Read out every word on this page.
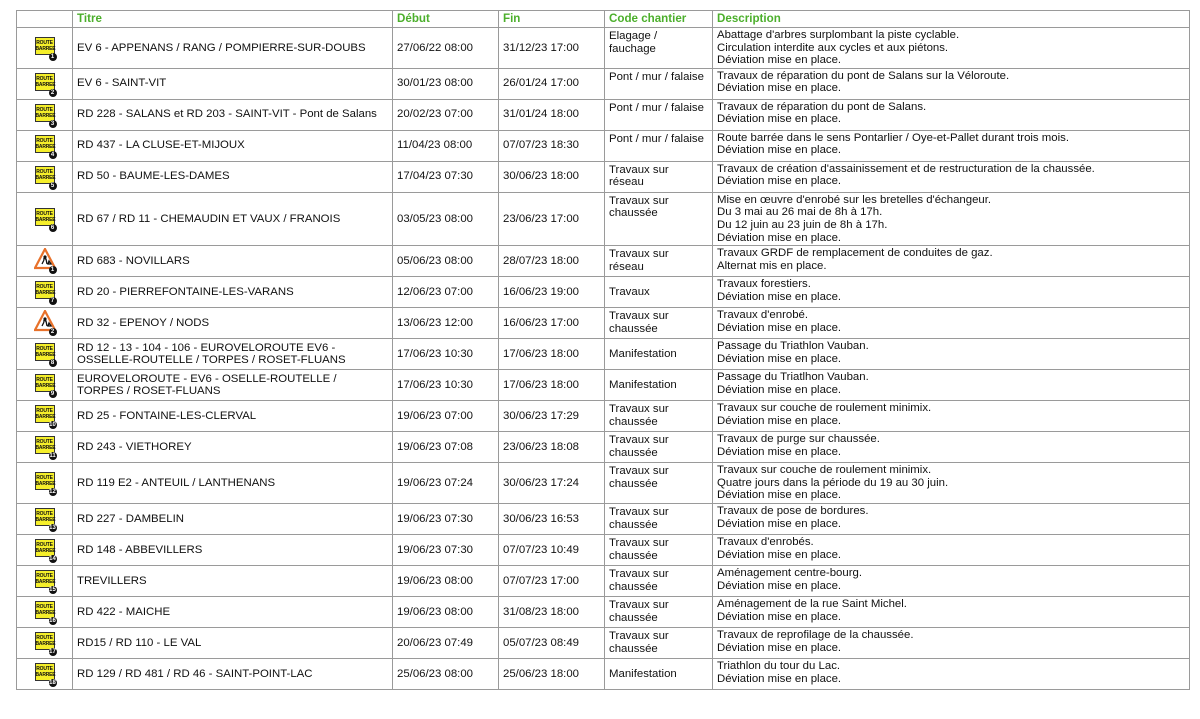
	Titre	Début	Fin	Code chantier	Description

ROUTE
BARREE
1	EV 6 - APPENANS / RANG / POMPIERRE-SUR-DOUBS	27/06/22 08:00	31/12/23 17:00	Elagage /
fauchage	Abattage d'arbres surplombant la piste cyclable.
Circulation interdite aux cycles et aux piétons.
Déviation mise en place.

ROUTE
BARREE
2	EV 6 - SAINT-VIT	30/01/23 08:00	26/01/24 17:00	Pont / mur / falaise	Travaux de réparation du pont de Salans sur la Véloroute.
Déviation mise en place.

ROUTE
BARREE
3	RD 228 - SALANS et RD 203 - SAINT-VIT - Pont de Salans	20/02/23 07:00	31/01/24 18:00	Pont / mur / falaise	Travaux de réparation du pont de Salans.
Déviation mise en place.

ROUTE
BARREE
4	RD 437 - LA CLUSE-ET-MIJOUX	11/04/23 08:00	07/07/23 18:30	Pont / mur / falaise	Route barrée dans le sens Pontarlier / Oye-et-Pallet durant trois mois.
Déviation mise en place.

ROUTE
BARREE
5	RD 50 - BAUME-LES-DAMES	17/04/23 07:30	30/06/23 18:00	Travaux sur
réseau	Travaux de création d'assainissement et de restructuration de la chaussée.
Déviation mise en place.

ROUTE
BARREE
6	RD 67 / RD 11 - CHEMAUDIN ET VAUX / FRANOIS	03/05/23 08:00	23/06/23 17:00	Travaux sur
chaussée	Mise en œuvre d'enrobé sur les bretelles d'échangeur.
Du 3 mai au 26 mai de 8h à 17h.
Du 12 juin au 23 juin de 8h à 17h.
Déviation mise en place.

1	RD 683 - NOVILLARS	05/06/23 08:00	28/07/23 18:00	Travaux sur
réseau	Travaux GRDF de remplacement de conduites de gaz.
Alternat mis en place.

ROUTE
BARREE
7	RD 20 - PIERREFONTAINE-LES-VARANS	12/06/23 07:00	16/06/23 19:00	Travaux	Travaux forestiers.
Déviation mise en place.

2	RD 32 - EPENOY / NODS	13/06/23 12:00	16/06/23 17:00	Travaux sur
chaussée	Travaux d'enrobé.
Déviation mise en place.

ROUTE
BARREE
8	RD 12 - 13 - 104 - 106 - EUROVELOROUTE EV6 -
OSSELLE-ROUTELLE / TORPES / ROSET-FLUANS	17/06/23 10:30	17/06/23 18:00	Manifestation	Passage du Triathlon Vauban.
Déviation mise en place.

ROUTE
BARREE
9	EUROVELOROUTE - EV6 - OSELLE-ROUTELLE /
TORPES / ROSET-FLUANS	17/06/23 10:30	17/06/23 18:00	Manifestation	Passage du Triatlhon Vauban.
Déviation mise en place.

ROUTE
BARREE
10	RD 25 - FONTAINE-LES-CLERVAL	19/06/23 07:00	30/06/23 17:29	Travaux sur
chaussée	Travaux sur couche de roulement minimix.
Déviation mise en place.

ROUTE
BARREE
11	RD 243 - VIETHOREY	19/06/23 07:08	23/06/23 18:08	Travaux sur
chaussée	Travaux de purge sur chaussée.
Déviation mise en place.

ROUTE
BARREE
12	RD 119 E2 - ANTEUIL / LANTHENANS	19/06/23 07:24	30/06/23 17:24	Travaux sur
chaussée	Travaux sur couche de roulement minimix.
Quatre jours dans la période du 19 au 30 juin.
Déviation mise en place.

ROUTE
BARREE
13	RD 227 - DAMBELIN	19/06/23 07:30	30/06/23 16:53	Travaux sur
chaussée	Travaux de pose de bordures.
Déviation mise en place.

ROUTE
BARREE
14	RD 148 - ABBEVILLERS	19/06/23 07:30	07/07/23 10:49	Travaux sur
chaussée	Travaux d'enrobés.
Déviation mise en place.

ROUTE
BARREE
15	TREVILLERS	19/06/23 08:00	07/07/23 17:00	Travaux sur
chaussée	Aménagement centre-bourg.
Déviation mise en place.

ROUTE
BARREE
16	RD 422 - MAICHE	19/06/23 08:00	31/08/23 18:00	Travaux sur
chaussée	Aménagement de la rue Saint Michel.
Déviation mise en place.

ROUTE
BARREE
17	RD15 / RD 110 - LE VAL	20/06/23 07:49	05/07/23 08:49	Travaux sur
chaussée	Travaux de reprofilage de la chaussée.
Déviation mise en place.

ROUTE
BARREE
18	RD 129 / RD 481 / RD 46 - SAINT-POINT-LAC	25/06/23 08:00	25/06/23 18:00	Manifestation	Triathlon du tour du Lac.
Déviation mise en place.
